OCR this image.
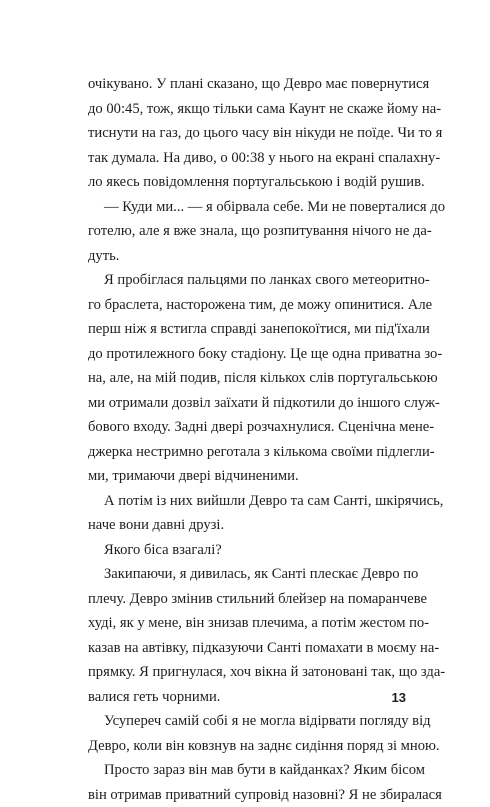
очікувано. У плані сказано, що Девро має повернутися
до 00:45, тож, якщо тільки сама Каунт не скаже йому на-
тиснути на газ, до цього часу він нікуди не поїде. Чи то я
так думала. На диво, о 00:38 у нього на екрані спалахну-
ло якесь повідомлення португальською і водій рушив.
— Куди ми... — я обірвала себе. Ми не поверталися до
готелю, але я вже знала, що розпитування нічого не да-
дуть.
Я пробіглася пальцями по ланках свого метеоритно-
го браслета, насторожена тим, де можу опинитися. Але
перш ніж я встигла справді занепокоїтися, ми під'їхали
до протилежного боку стадіону. Це ще одна приватна зо-
на, але, на мій подив, після кількох слів португальською
ми отримали дозвіл заїхати й підкотили до іншого служ-
бового входу. Задні двері розчахнулися. Сценічна мене-
джерка нестримно реготала з кількома своїми підлегли-
ми, тримаючи двері відчиненими.
А потім із них вийшли Девро та сам Санті, шкірячись,
наче вони давні друзі.
Якого біса взагалі?
Закипаючи, я дивилась, як Санті плескає Девро по
плечу. Девро змінив стильний блейзер на помаранчеве
худі, як у мене, він знизав плечима, а потім жестом по-
казав на автівку, підказуючи Санті помахати в моєму на-
прямку. Я пригнулася, хоч вікна й затоновані так, що зда-
валися геть чорними.
Усупереч самій собі я не могла відірвати погляду від
Девро, коли він ковзнув на заднє сидіння поряд зі мною.
Просто зараз він мав бути в кайданках? Яким бісом
він отримав приватний супровід назовні? Я не збиралася
13
